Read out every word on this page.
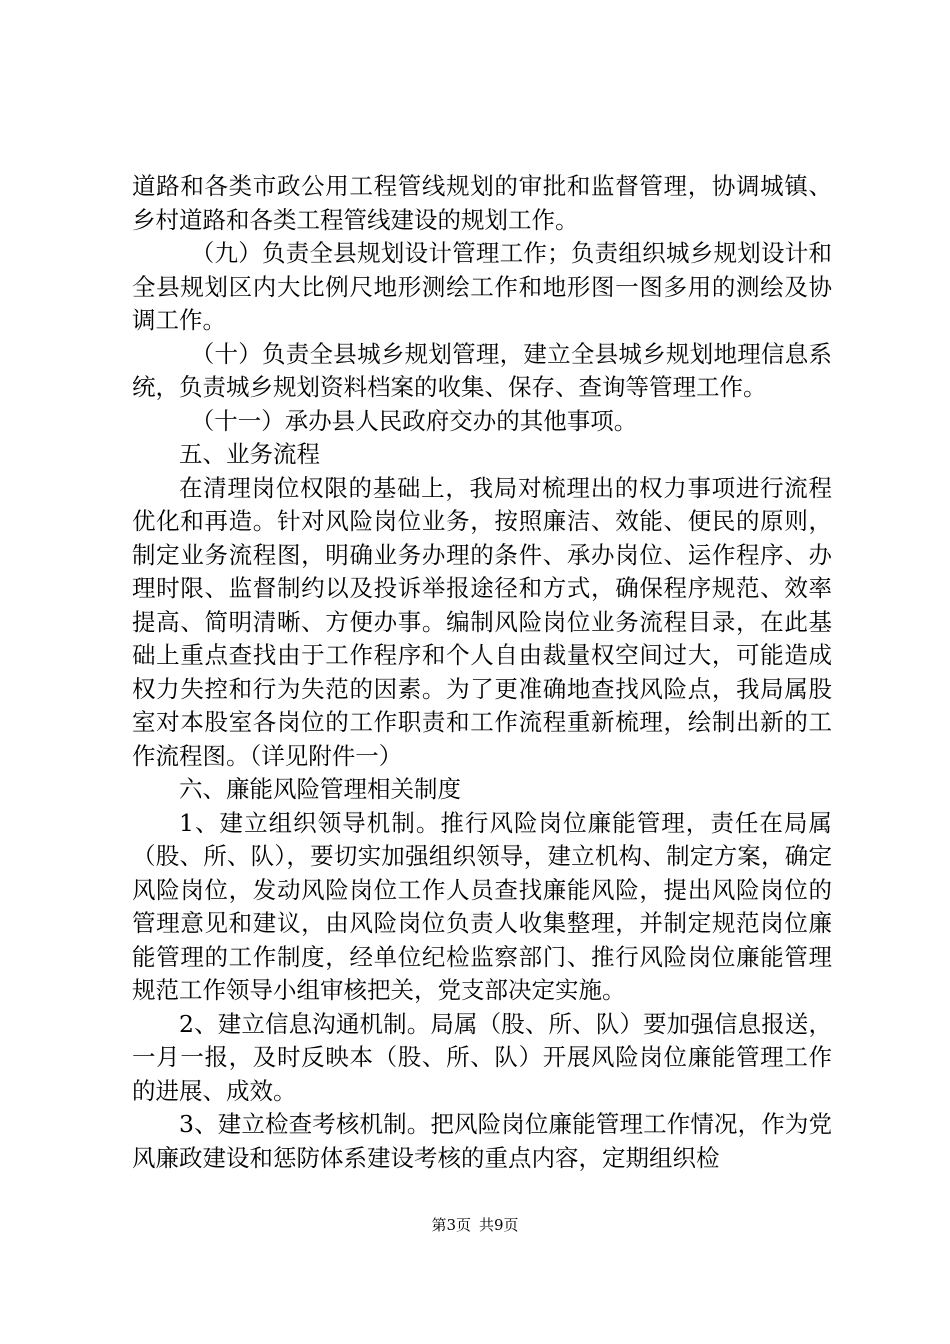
道路和各类市政公用工程管线规划的审批和监督管理，协调城镇、乡村道路和各类工程管线建设的规划工作。

（九）负责全县规划设计管理工作；负责组织城乡规划设计和全县规划区内大比例尺地形测绘工作和地形图一图多用的测绘及协调工作。

（十）负责全县城乡规划管理，建立全县城乡规划地理信息系统，负责城乡规划资料档案的收集、保存、查询等管理工作。

（十一）承办县人民政府交办的其他事项。

五、业务流程

在清理岗位权限的基础上，我局对梳理出的权力事项进行流程优化和再造。针对风险岗位业务，按照廉洁、效能、便民的原则，制定业务流程图，明确业务办理的条件、承办岗位、运作程序、办理时限、监督制约以及投诉举报途径和方式，确保程序规范、效率提高、简明清晰、方便办事。编制风险岗位业务流程目录，在此基础上重点查找由于工作程序和个人自由裁量权空间过大，可能造成权力失控和行为失范的因素。为了更准确地查找风险点，我局属股室对本股室各岗位的工作职责和工作流程重新梳理，绘制出新的工作流程图。（详见附件一）

六、廉能风险管理相关制度

1、建立组织领导机制。推行风险岗位廉能管理，责任在局属（股、所、队），要切实加强组织领导，建立机构、制定方案，确定风险岗位，发动风险岗位工作人员查找廉能风险，提出风险岗位的管理意见和建议，由风险岗位负责人收集整理，并制定规范岗位廉能管理的工作制度，经单位纪检监察部门、推行风险岗位廉能管理规范工作领导小组审核把关，党支部决定实施。

2、建立信息沟通机制。局属（股、所、队）要加强信息报送，一月一报，及时反映本（股、所、队）开展风险岗位廉能管理工作的进展、成效。

3、建立检查考核机制。把风险岗位廉能管理工作情况，作为党风廉政建设和惩防体系建设考核的重点内容，定期组织检

第3页 共9页
